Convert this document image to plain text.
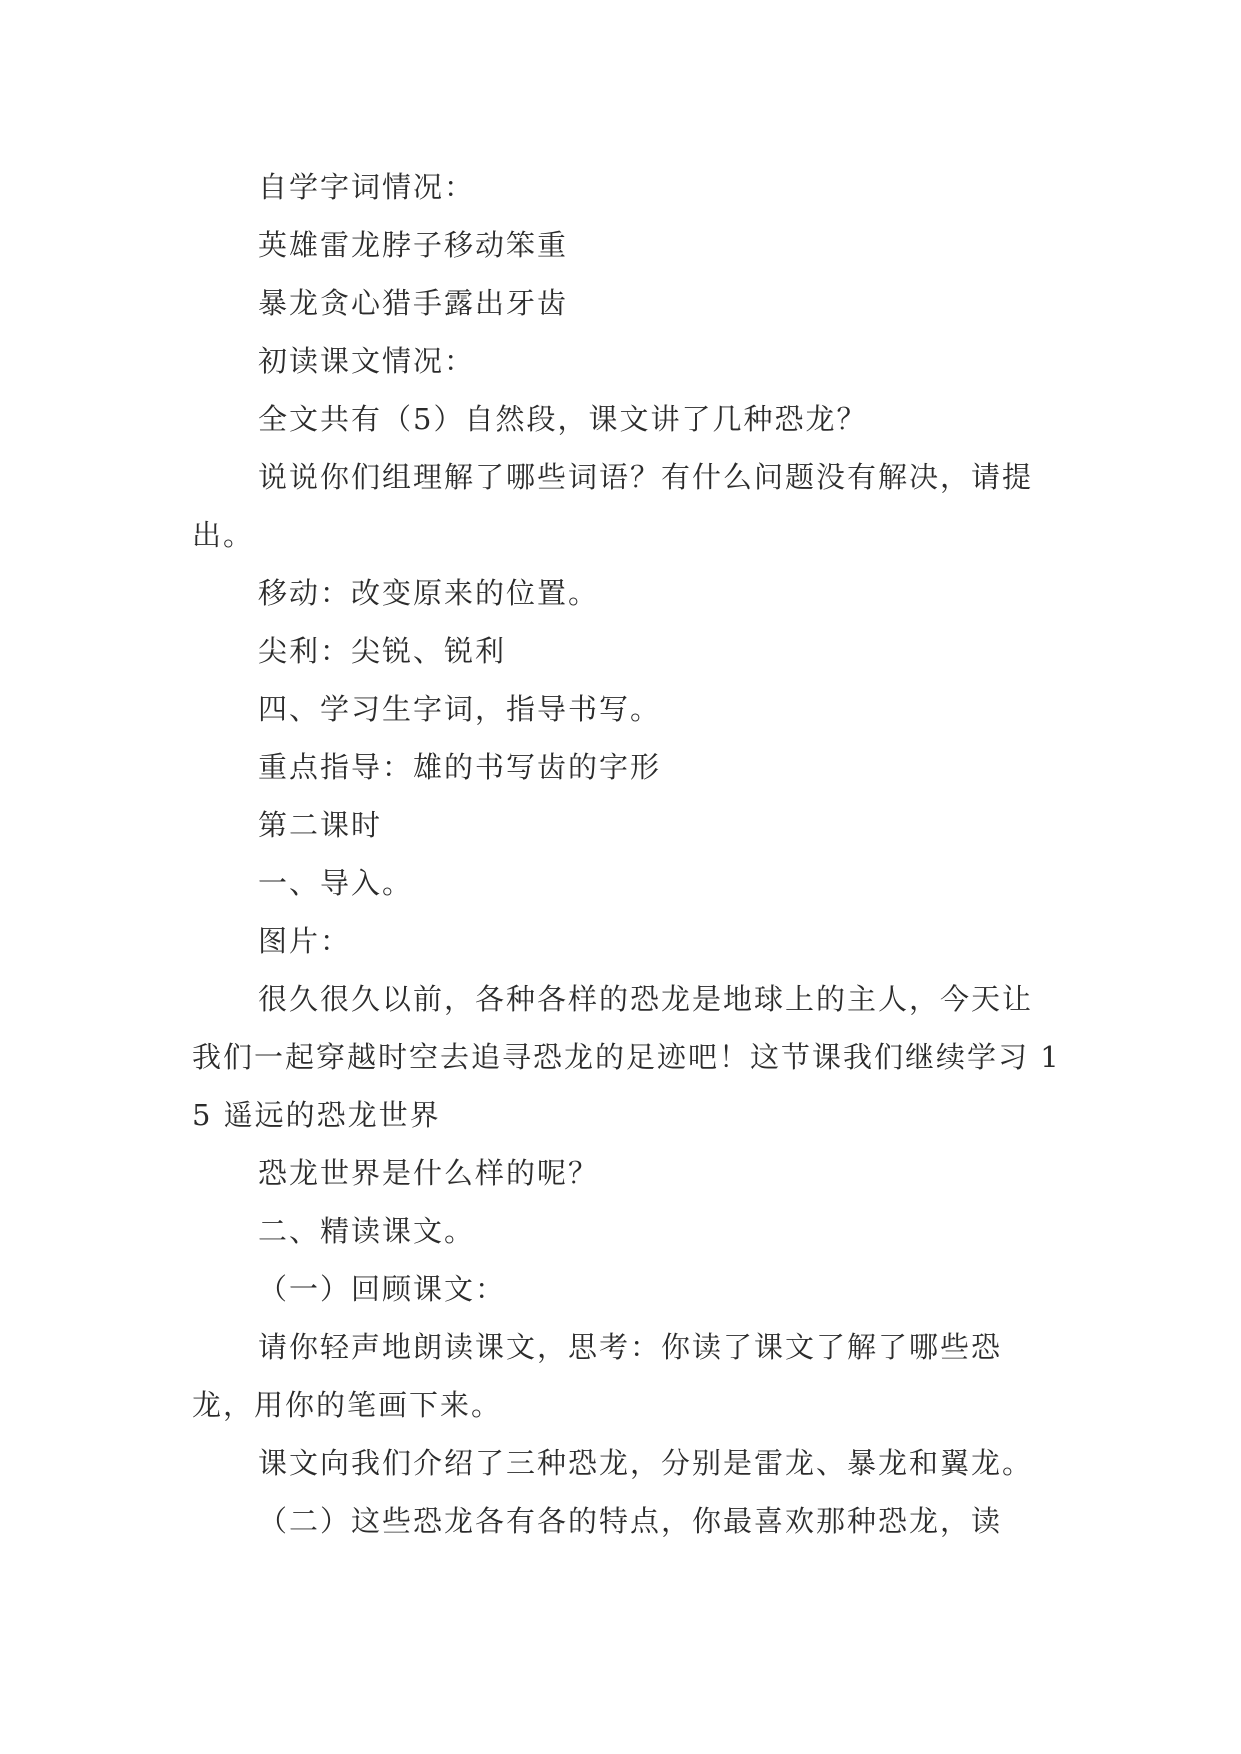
自学字词情况：

英雄雷龙脖子移动笨重

暴龙贪心猎手露出牙齿

初读课文情况：

全文共有（5）自然段，课文讲了几种恐龙？

说说你们组理解了哪些词语？有什么问题没有解决，请提出。

移动：改变原来的位置。

尖利：尖锐、锐利

四、学习生字词，指导书写。

重点指导：雄的书写齿的字形

第二课时

一、导入。

图片：

很久很久以前，各种各样的恐龙是地球上的主人，今天让我们一起穿越时空去追寻恐龙的足迹吧！这节课我们继续学习 15 遥远的恐龙世界

恐龙世界是什么样的呢？

二、精读课文。

（一）回顾课文：

请你轻声地朗读课文，思考：你读了课文了解了哪些恐龙，用你的笔画下来。

课文向我们介绍了三种恐龙，分别是雷龙、暴龙和翼龙。

（二）这些恐龙各有各的特点，你最喜欢那种恐龙，读
